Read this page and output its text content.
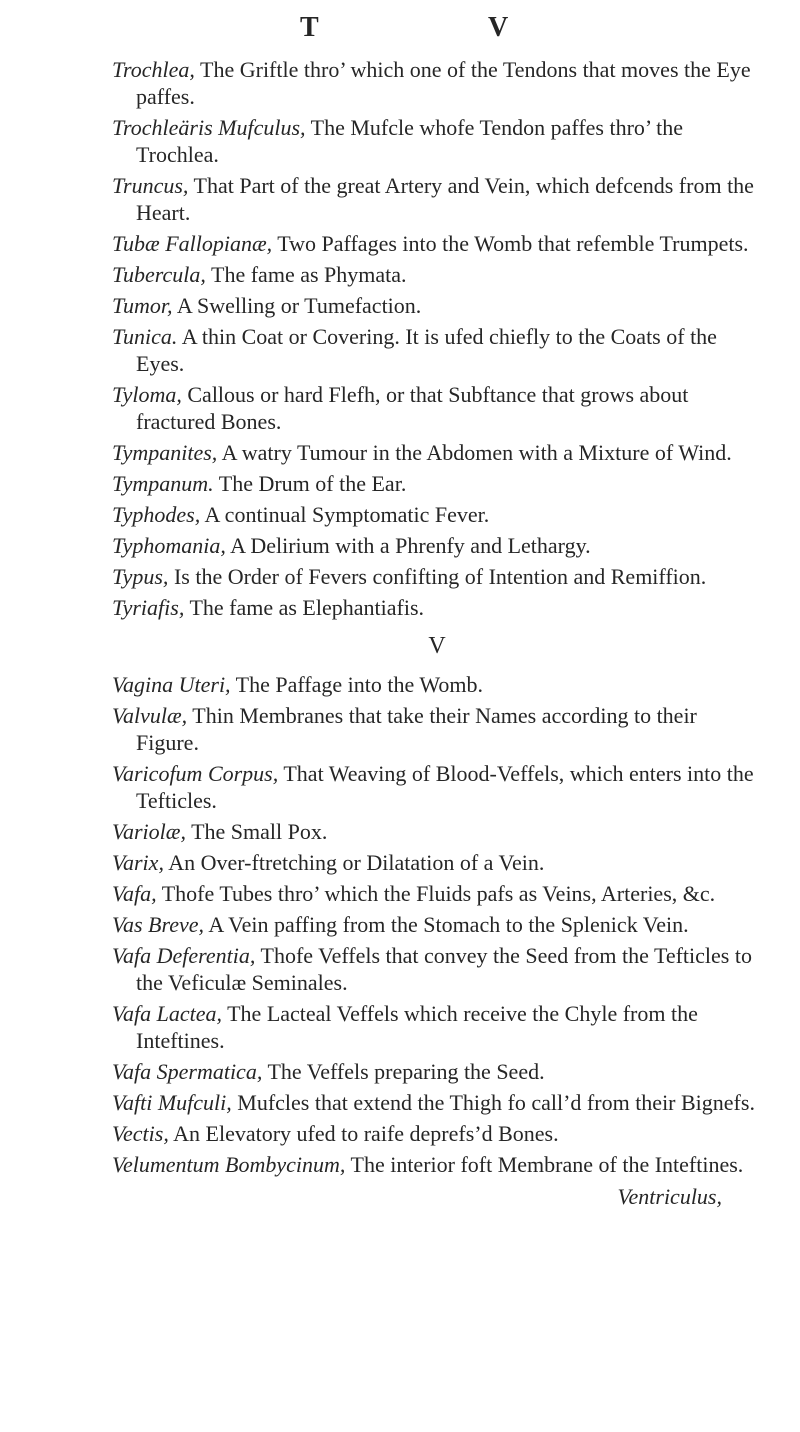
T	V

Trochlea, The Griftle thro’ which one of the Tendons that moves the Eye paffes.

Trochleäris Mufculus, The Mufcle whofe Tendon paffes thro’ the Trochlea.

Truncus, That Part of the great Artery and Vein, which defcends from the Heart.

Tubæ Fallopianæ, Two Paffages into the Womb that refemble Trumpets.

Tubercula, The fame as Phymata.

Tumor, A Swelling or Tumefaction.

Tunica. A thin Coat or Covering. It is ufed chiefly to the Coats of the Eyes.

Tyloma, Callous or hard Flefh, or that Subftance that grows about fractured Bones.

Tympanites, A watry Tumour in the Abdomen with a Mixture of Wind.

Tympanum. The Drum of the Ear.

Typhodes, A continual Symptomatic Fever.

Typhomania, A Delirium with a Phrenfy and Lethargy.

Typus, Is the Order of Fevers confifting of Intention and Remiffion.

Tyriafis, The fame as Elephantiafis.

V

Vagina Uteri, The Paffage into the Womb.

Valvulæ, Thin Membranes that take their Names according to their Figure.

Varicofum Corpus, That Weaving of Blood-Veffels, which enters into the Tefticles.

Variolæ, The Small Pox.

Varix, An Over-ftretching or Dilatation of a Vein.

Vafa, Thofe Tubes thro’ which the Fluids pafs as Veins, Arteries, &c.

Vas Breve, A Vein paffing from the Stomach to the Splenick Vein.

Vafa Deferentia, Thofe Veffels that convey the Seed from the Tefticles to the Veficulæ Seminales.

Vafa Lactea, The Lacteal Veffels which receive the Chyle from the Inteftines.

Vafa Spermatica, The Veffels preparing the Seed.

Vafti Mufculi, Mufcles that extend the Thigh fo call’d from their Bignefs.

Vectis, An Elevatory ufed to raife deprefs’d Bones.

Velumentum Bombycinum, The interior foft Membrane of the Inteftines.

Ventriculus,
